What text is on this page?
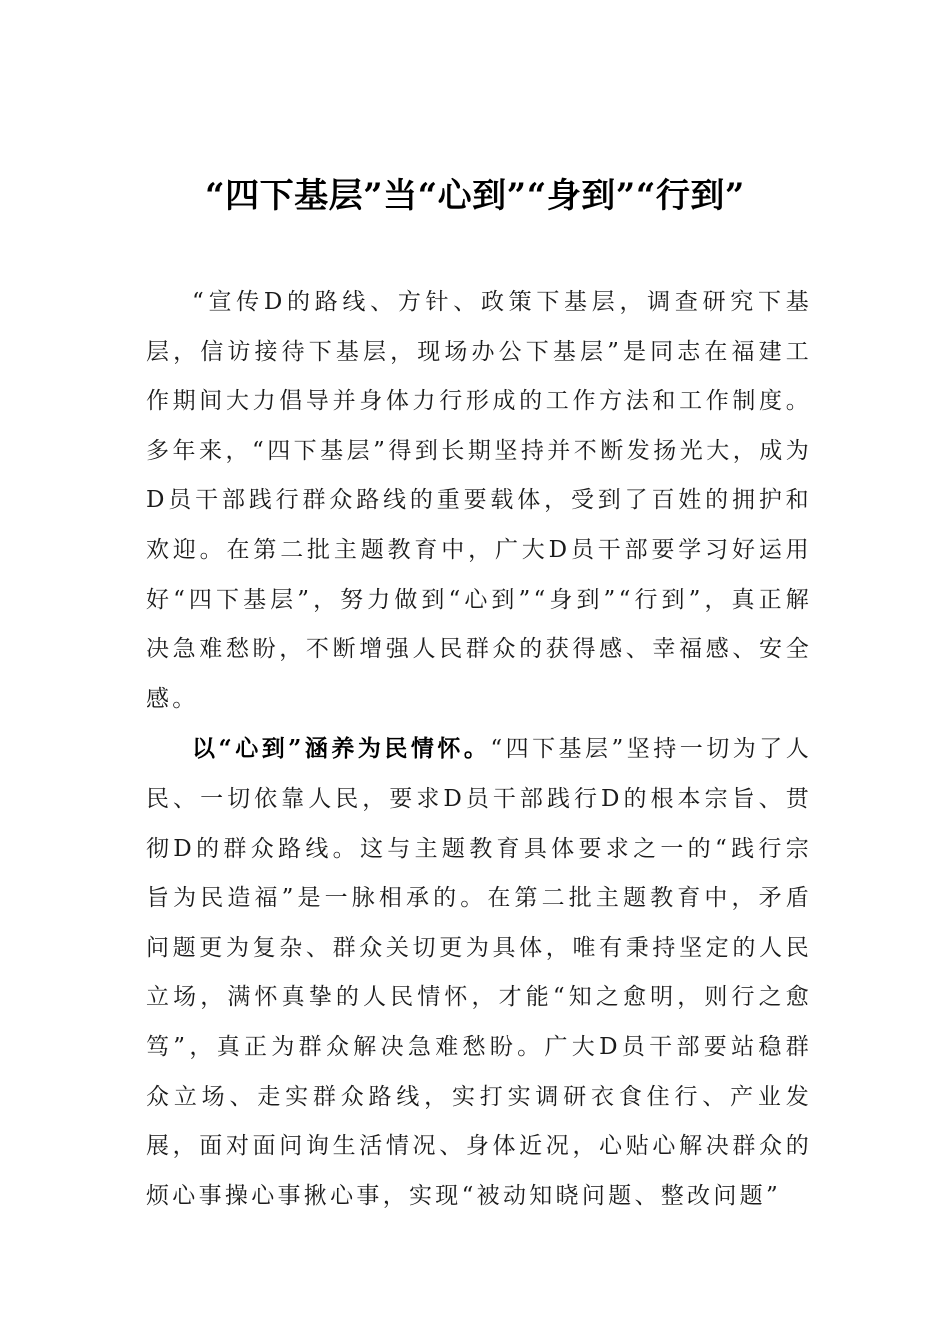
“四下基层”当“心到”“身到”“行到”

“宣传D的路线、方针、政策下基层，调查研究下基层，信访接待下基层，现场办公下基层”是同志在福建工作期间大力倡导并身体力行形成的工作方法和工作制度。多年来，“四下基层”得到长期坚持并不断发扬光大，成为D员干部践行群众路线的重要载体，受到了百姓的拥护和欢迎。在第二批主题教育中，广大D员干部要学习好运用好“四下基层”，努力做到“心到”“身到”“行到”，真正解决急难愁盼，不断增强人民群众的获得感、幸福感、安全感。

以“心到”涵养为民情怀。“四下基层”坚持一切为了人民、一切依靠人民，要求D员干部践行D的根本宗旨、贯彻D的群众路线。这与主题教育具体要求之一的“践行宗旨为民造福”是一脉相承的。在第二批主题教育中，矛盾问题更为复杂、群众关切更为具体，唯有秉持坚定的人民立场，满怀真挚的人民情怀，才能“知之愈明，则行之愈笃”，真正为群众解决急难愁盼。广大D员干部要站稳群众立场、走实群众路线，实打实调研衣食住行、产业发展，面对面问询生活情况、身体近况，心贴心解决群众的烦心事操心事揪心事，实现“被动知晓问题、整改问题”
